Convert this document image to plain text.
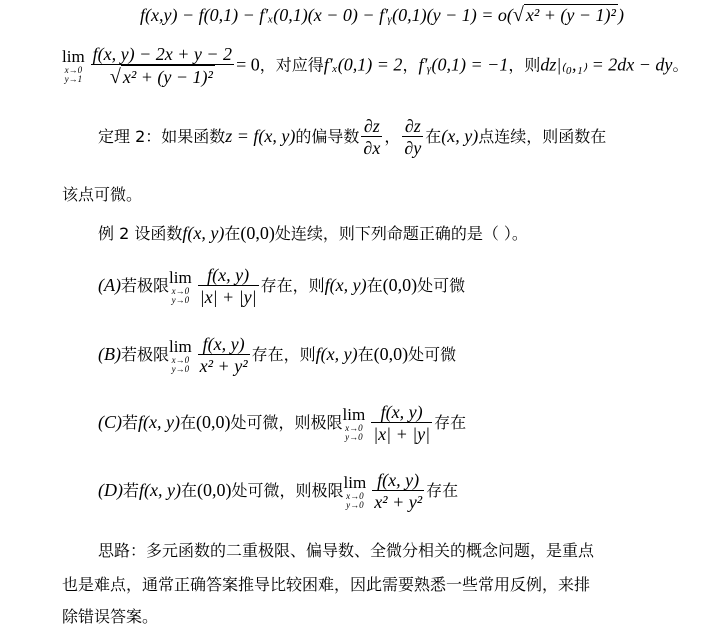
f(x,y) − f(0,1) − f′ₓ(0,1)(x − 0) − f′ᵧ(0,1)(y − 1) = o(√ x² + (y − 1)² )
lim
x→0
$y\to 1 \frac{f(x, y) - 2x + y - 2}{\text{√ x² + (y − 1)²}} = 0$，对应得f′ₓ(0,1) = 2，f′ᵧ(0,1) = −1，则dz|₍₀,₁₎ = 2dx − dy。
定理 2：如果函数z = f(x, y)的偏导数 $\frac{\partial z}{\partial x}$ ， $\frac{\partial z}{\partial y}$ 在(x, y)点连续，则函数在
该点可微。
例 2 设函数f(x, y)在(0,0)处连续，则下列命题正确的是（ ）。
(A)若极限 lim
x→0
$y\to 0 \frac{f(x, y)}{|x| + |y|}$ 存在，则f(x, y)在(0,0)处可微
(B)若极限 lim
x→0
$y\to 0 \frac{f(x, y)}{\text{x² + y²}}$ 存在，则f(x, y)在(0,0)处可微
(C)若f(x, y)在(0,0)处可微，则极限 lim
x→0
$y\to 0 \frac{f(x, y)}{|x| + |y|}$ 存在
(D)若f(x, y)在(0,0)处可微，则极限 lim
x→0
$y\to 0 \frac{f(x, y)}{\text{x² + y²}}$ 存在
思路：多元函数的二重极限、偏导数、全微分相关的概念问题，是重点
也是难点，通常正确答案推导比较困难，因此需要熟悉一些常用反例，来排
除错误答案。
